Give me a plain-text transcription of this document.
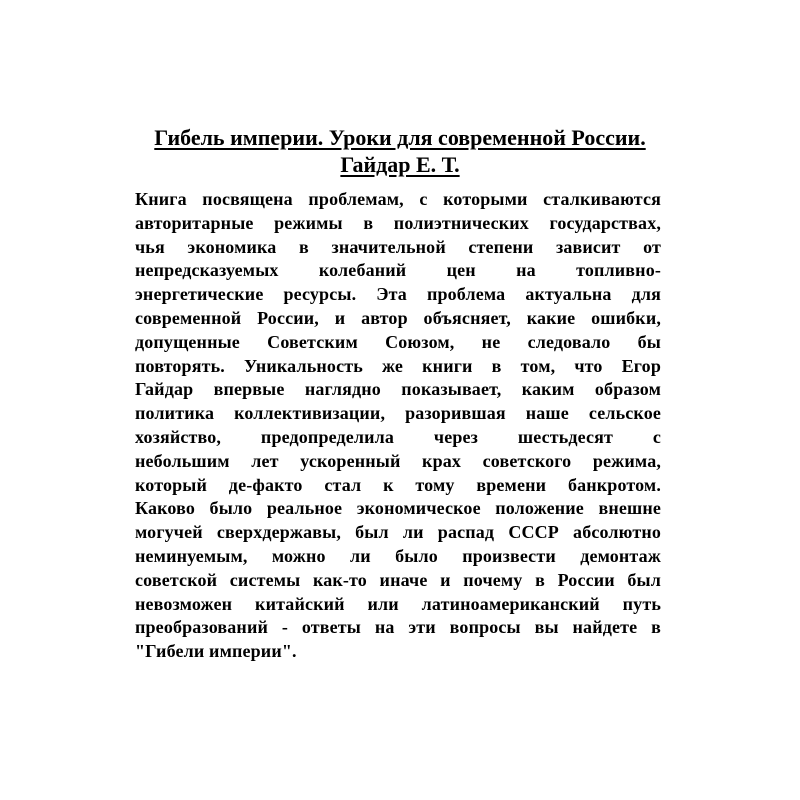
Гибель империи. Уроки для современной России.
Гайдар Е. Т.
Книга посвящена проблемам, с которыми сталкиваются
авторитарные режимы в полиэтнических государствах,
чья экономика в значительной степени зависит от
непредсказуемых колебаний цен на топливно-
энергетические ресурсы. Эта проблема актуальна для
современной России, и автор объясняет, какие ошибки,
допущенные Советским Союзом, не следовало бы
повторять. Уникальность же книги в том, что Егор
Гайдар впервые наглядно показывает, каким образом
политика коллективизации, разорившая наше сельское
хозяйство, предопределила через шестьдесят с
небольшим лет ускоренный крах советского режима,
который де-факто стал к тому времени банкротом.
Каково было реальное экономическое положение внешне
могучей сверхдержавы, был ли распад СССР абсолютно
неминуемым, можно ли было произвести демонтаж
советской системы как-то иначе и почему в России был
невозможен китайский или латиноамериканский путь
преобразований - ответы на эти вопросы вы найдете в
"Гибели империи".
